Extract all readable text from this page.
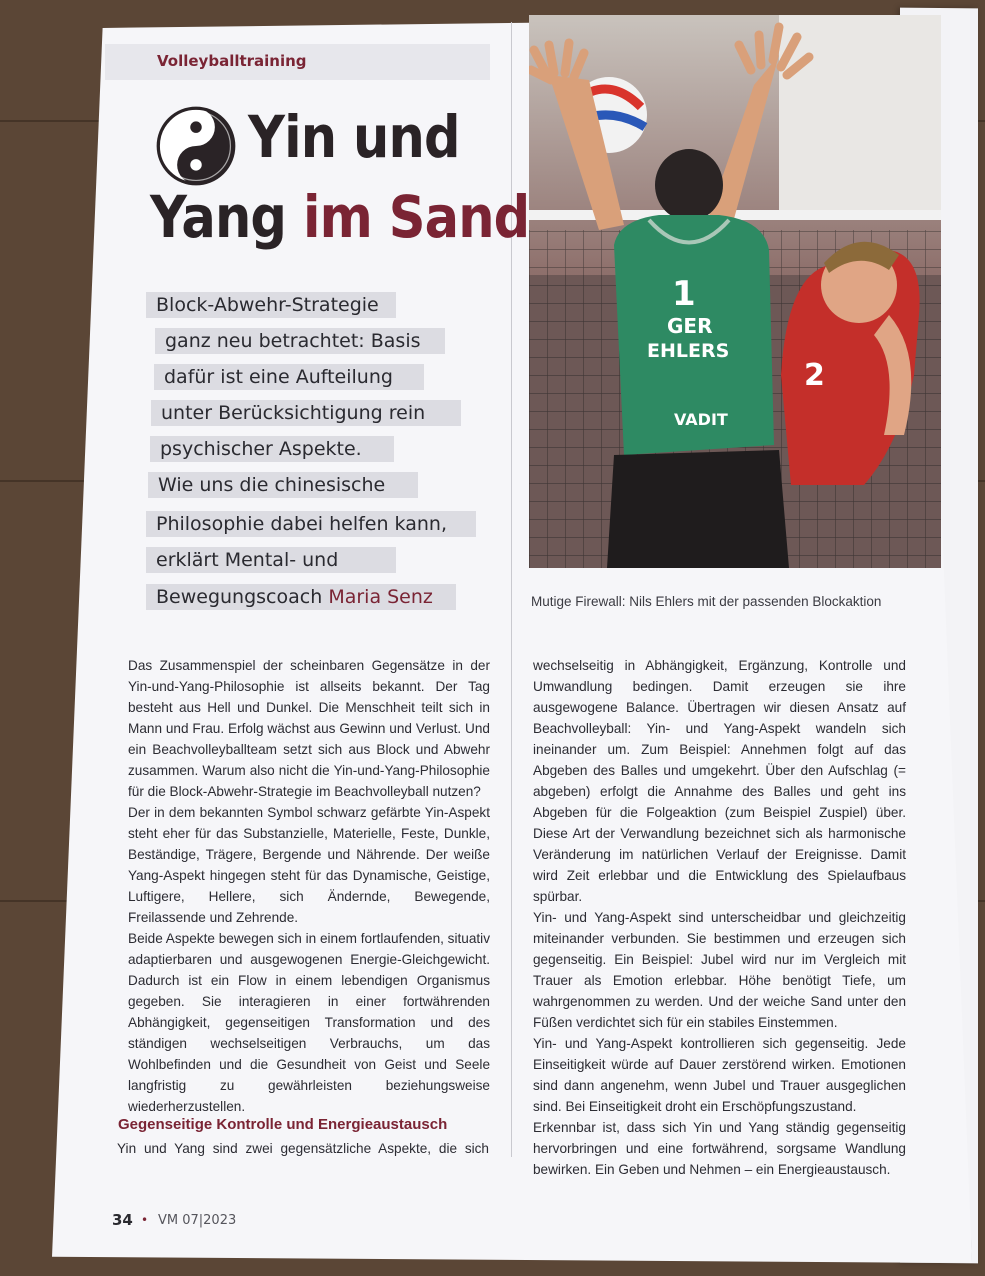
Volleyballtraining
Yin und
Yang im Sand
Block-Abwehr-Strategie
ganz neu betrachtet: Basis
dafür ist eine Aufteilung
unter Berücksichtigung rein
psychischer Aspekte.
Wie uns die chinesische
Philosophie dabei helfen kann,
erklärt Mental- und
Bewegungscoach Maria Senz

Das Zusammenspiel der scheinbaren Gegensätze in der Yin-und-Yang-Philosophie ist allseits bekannt. Der Tag besteht aus Hell und Dunkel. Die Menschheit teilt sich in Mann und Frau. Erfolg wächst aus Gewinn und Verlust. Und ein Beachvolleyballteam setzt sich aus Block und Abwehr zusammen. Warum also nicht die Yin-und-Yang-Philosophie für die Block-Abwehr-Strategie im Beachvolleyball nutzen?

Der in dem bekannten Symbol schwarz gefärbte Yin-Aspekt steht eher für das Substanzielle, Materielle, Feste, Dunkle, Beständige, Trägere, Bergende und Nährende. Der weiße Yang-Aspekt hingegen steht für das Dynamische, Geistige, Luftigere, Hellere, sich Ändernde, Bewegende, Freilassende und Zehrende.

Beide Aspekte bewegen sich in einem fortlaufenden, situativ adaptierbaren und ausgewogenen Energie-Gleichgewicht. Dadurch ist ein Flow in einem lebendigen Organismus gegeben. Sie interagieren in einer fortwährenden Abhängigkeit, gegenseitigen Transformation und des ständigen wechselseitigen Verbrauchs, um das Wohlbefinden und die Gesundheit von Geist und Seele langfristig zu gewährleisten beziehungsweise wiederherzustellen.

Gegenseitige Kontrolle und Energieaustausch
Yin und Yang sind zwei gegensätzliche Aspekte, die sich
2
1
GER
EHLERS
VADIT
Mutige Firewall: Nils Ehlers mit der passenden Blockaktion

wechselseitig in Abhängigkeit, Ergänzung, Kontrolle und Umwandlung bedingen. Damit erzeugen sie ihre ausgewogene Balance. Übertragen wir diesen Ansatz auf Beachvolleyball: Yin- und Yang-Aspekt wandeln sich ineinander um. Zum Beispiel: Annehmen folgt auf das Abgeben des Balles und umgekehrt. Über den Aufschlag (= abgeben) erfolgt die Annahme des Balles und geht ins Abgeben für die Folgeaktion (zum Beispiel Zuspiel) über. Diese Art der Verwandlung bezeichnet sich als harmonische Veränderung im natürlichen Verlauf der Ereignisse. Damit wird Zeit erlebbar und die Entwicklung des Spielaufbaus spürbar.

Yin- und Yang-Aspekt sind unterscheidbar und gleichzeitig miteinander verbunden. Sie bestimmen und erzeugen sich gegenseitig. Ein Beispiel: Jubel wird nur im Vergleich mit Trauer als Emotion erlebbar. Höhe benötigt Tiefe, um wahrgenommen zu werden. Und der weiche Sand unter den Füßen verdichtet sich für ein stabiles Einstemmen.

Yin- und Yang-Aspekt kontrollieren sich gegenseitig. Jede Einseitigkeit würde auf Dauer zerstörend wirken. Emotionen sind dann angenehm, wenn Jubel und Trauer ausgeglichen sind. Bei Einseitigkeit droht ein Erschöpfungszustand.

Erkennbar ist, dass sich Yin und Yang ständig gegenseitig hervorbringen und eine fortwährend, sorgsame Wandlung bewirken. Ein Geben und Nehmen – ein Energieaustausch.

34 • VM 07|2023
